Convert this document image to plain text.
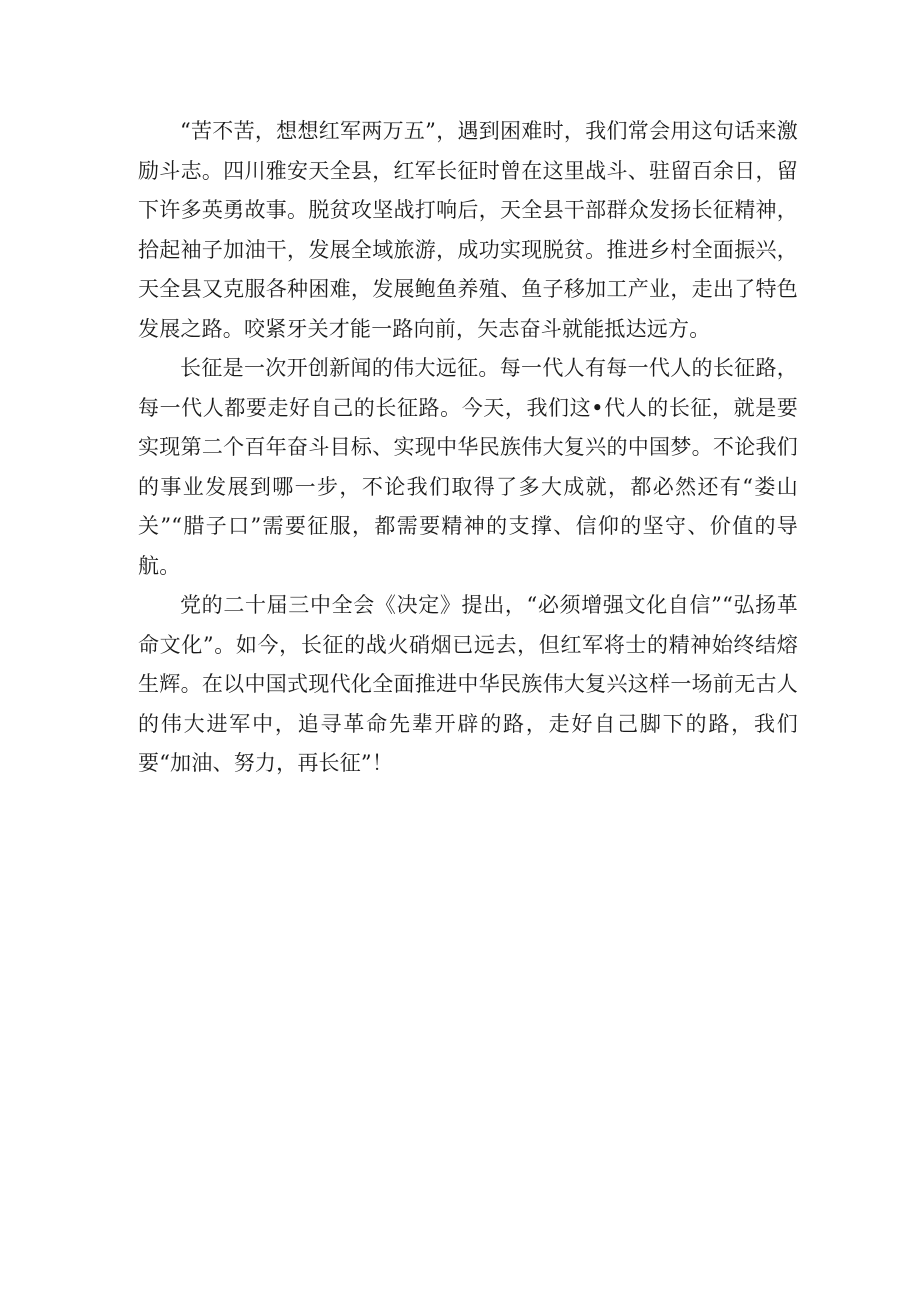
“苦不苦，想想红军两万五”，遇到困难时，我们常会用这句话来激励斗志。四川雅安天全县，红军长征时曾在这里战斗、驻留百余日，留下许多英勇故事。脱贫攻坚战打响后，天全县干部群众发扬长征精神，拾起袖子加油干，发展全域旅游，成功实现脱贫。推进乡村全面振兴，天全县又克服各种困难，发展鲍鱼养殖、鱼子移加工产业，走出了特色发展之路。咬紧牙关才能一路向前，矢志奋斗就能抵达远方。

长征是一次开创新闻的伟大远征。每一代人有每一代人的长征路，每一代人都要走好自己的长征路。今天，我们这•代人的长征，就是要实现第二个百年奋斗目标、实现中华民族伟大复兴的中国梦。不论我们的事业发展到哪一步，不论我们取得了多大成就，都必然还有“娄山关”“腊子口”需要征服，都需要精神的支撑、信仰的坚守、价值的导航。

党的二十届三中全会《决定》提出，“必须增强文化自信”“弘扬革命文化”。如今，长征的战火硝烟已远去，但红军将士的精神始终结熔生辉。在以中国式现代化全面推进中华民族伟大复兴这样一场前无古人的伟大进军中，追寻革命先辈开辟的路，走好自己脚下的路，我们要“加油、努力，再长征”！
